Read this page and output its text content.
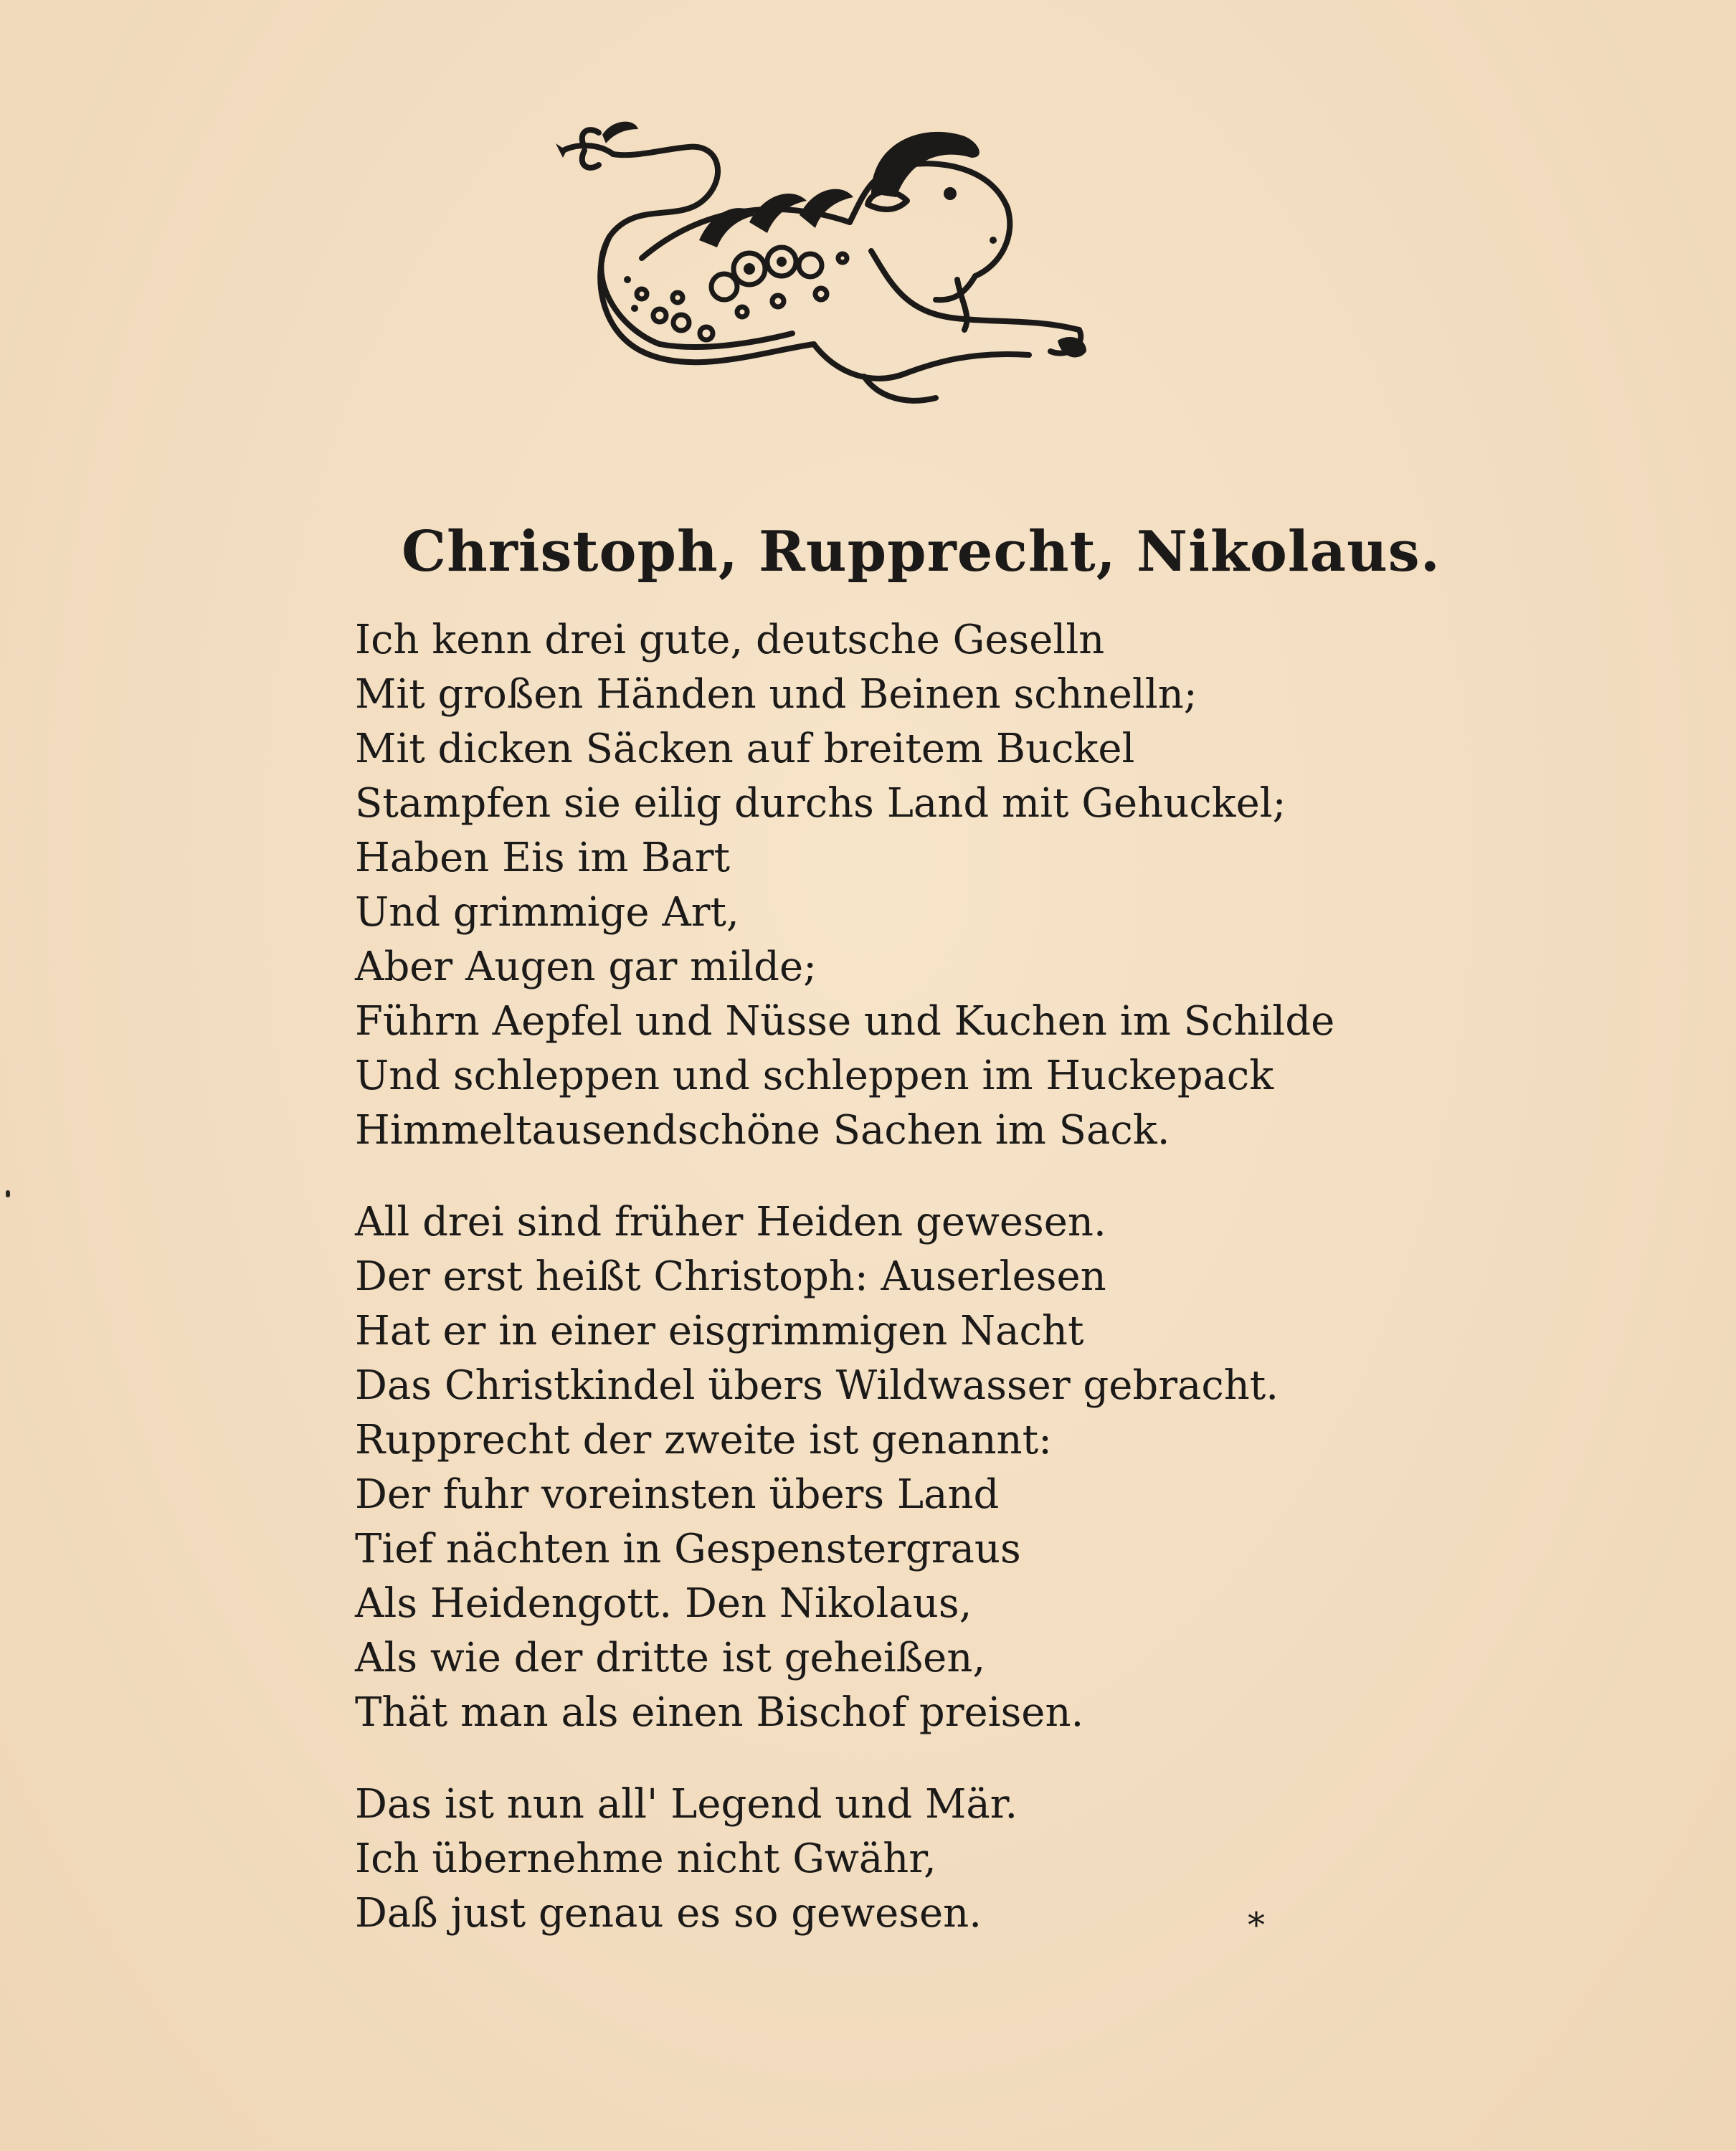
Christoph, Rupprecht, Nikolaus.
Ich kenn drei gute, deutsche Geselln
Mit großen Händen und Beinen schnelln;
Mit dicken Säcken auf breitem Buckel
Stampfen sie eilig durchs Land mit Gehuckel;
Haben Eis im Bart
Und grimmige Art,
Aber Augen gar milde;
Führn Aepfel und Nüsse und Kuchen im Schilde
Und schleppen und schleppen im Huckepack
Himmeltausendschöne Sachen im Sack.
All drei sind früher Heiden gewesen.
Der erst heißt Christoph: Auserlesen
Hat er in einer eisgrimmigen Nacht
Das Christkindel übers Wildwasser gebracht.
Rupprecht der zweite ist genannt:
Der fuhr voreinsten übers Land
Tief nächten in Gespenstergraus
Als Heidengott. Den Nikolaus,
Als wie der dritte ist geheißen,
Thät man als einen Bischof preisen.
Das ist nun all' Legend und Mär.
Ich übernehme nicht Gwähr,
Daß just genau es so gewesen.	*
